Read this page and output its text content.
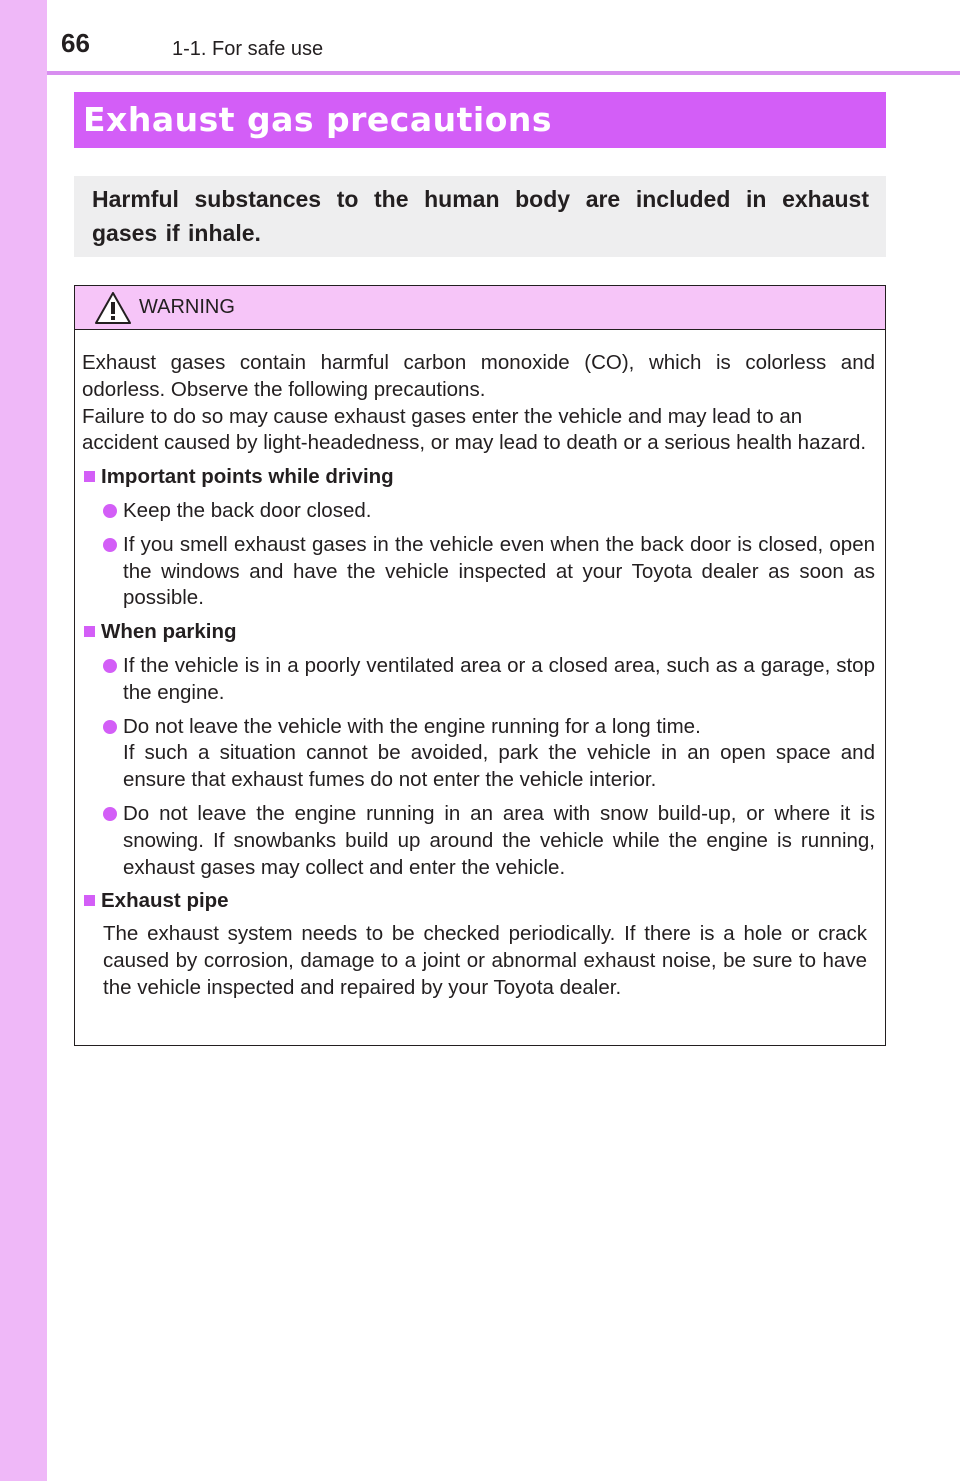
66	1-1. For safe use
Exhaust gas precautions

Harmful substances to the human body are included in exhaust gases if inhale.

WARNING

Exhaust gases contain harmful carbon monoxide (CO), which is colorless and odorless. Observe the following precautions.

Failure to do so may cause exhaust gases enter the vehicle and may lead to an accident caused by light-headedness, or may lead to death or a serious health hazard.

Important points while driving

Keep the back door closed.

If you smell exhaust gases in the vehicle even when the back door is closed, open the windows and have the vehicle inspected at your Toyota dealer as soon as possible.

When parking

If the vehicle is in a poorly ventilated area or a closed area, such as a garage, stop the engine.

Do not leave the vehicle with the engine running for a long time.

If such a situation cannot be avoided, park the vehicle in an open space and ensure that exhaust fumes do not enter the vehicle interior.

Do not leave the engine running in an area with snow build-up, or where it is snowing. If snowbanks build up around the vehicle while the engine is running, exhaust gases may collect and enter the vehicle.

Exhaust pipe
The exhaust system needs to be checked periodically. If there is a hole or crack caused by corrosion, damage to a joint or abnormal exhaust noise, be sure to have the vehicle inspected and repaired by your Toyota dealer.
